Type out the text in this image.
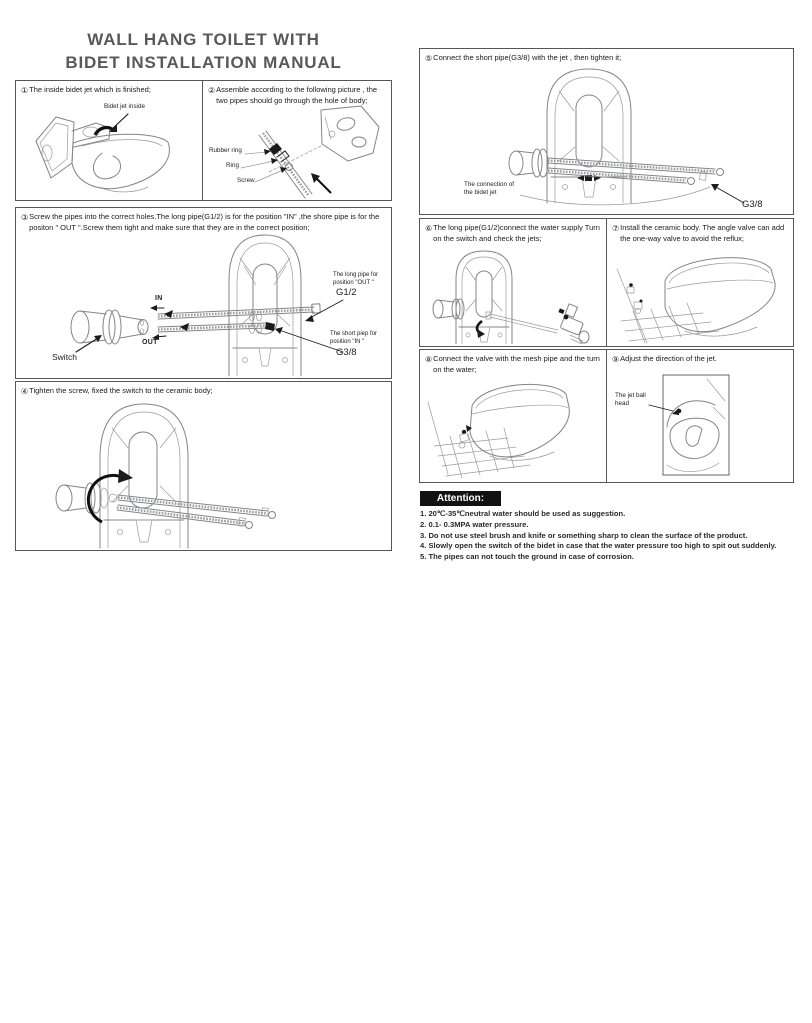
WALL HANG TOILET WITH
BIDET INSTALLATION MANUAL
① The inside bidet jet which is finished;
Bidet jet inside
② Assemble according to the following picture , the two pipes should go through the hole of body;
Rubber ring
Ring
Screw
③ Screw the pipes into the correct holes.The long pipe(G1/2) is for the position "IN" ,the shore pipe is for the positon " OUT ".Screw them tight and make sure that they are in the correct position;
IN
OUT
Switch
The long pipe for position "OUT "
G1/2
The short piep for position "IN "
G3/8
④ Tighten the screw, fixed the switch to the ceramic body;
⑤ Connect the short pipe(G3/8) with the jet , then tighten it;
The connection of the bidet jet
G3/8
⑥ The long pipe(G1/2)connect the water supply Turn on the switch and check the jets;
⑦ Install the ceramic body. The angle valve can add the one-way valve to avoid the reflux;
⑧ Connect the valve with the mesh pipe and the turn on the water;
⑨ Adjust the direction of the jet.
The jet ball head
Attention:
1. 20℃-35℃neutral water should be used as suggestion.
2. 0.1- 0.3MPA water pressure.
3. Do not use steel brush and knife or something sharp to clean the surface of the product.
4. Slowly open the switch of the bidet in case that the water pressure too high to spit out suddenly.
5. The pipes can not touch the ground in case of corrosion.
